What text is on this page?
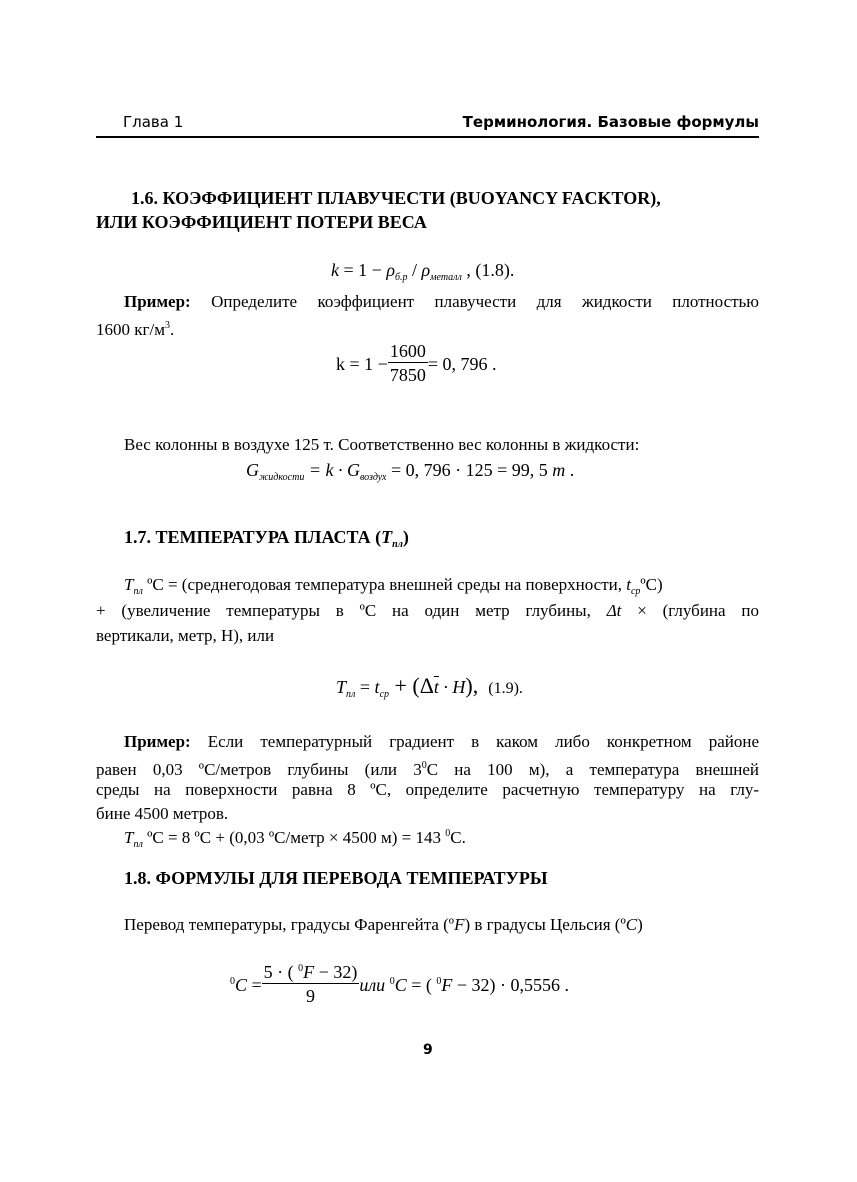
Глава 1	Терминология. Базовые формулы
1.6. КОЭФФИЦИЕНТ ПЛАВУЧЕСТИ (BUOYANCY FACKTOR),
ИЛИ КОЭФФИЦИЕНТ ПОТЕРИ ВЕСА
$k = 1 - \rho_{б.р} / \rho_{металл}$ , (1.8).
Пример: Определите коэффициент плавучести для жидкости плотностью
1600 $кг/м^3$.
$k = 1 - \frac{1600}{7850} = 0$, 796 .
Вес колонны в воздухе 125 т. Соответственно вес колонны в жидкости:
$G_{жидкости} = k \cdot G_{воздух} = 0$, 796 · 125 = 99, 5 m .
1.7. ТЕМПЕРАТУРА ПЛАСТА $(T_{пл})$
$T_{пл}$ ºС = (среднегодовая температура внешней среды на поверхности, $t_{ср}ºС$)
+ (увеличение температуры в ºС на один метр глубины, Δt × (глубина по
вертикали, метр, Н), или
$T_{пл} = t_{ср} + (\Delta\overline{t} \cdot H)$, (1.9).
Пример: Если температурный градиент в каком либо конкретном районе
равен 0,03 ºС/метров глубины (или $3^0С$ на 100 м), а температура внешней
среды на поверхности равна 8 ºС, определите расчетную температуру на глу-
бине 4500 метров.
$T_{пл}$ ºС = 8 ºС + (0,03 ºС/метр × 4500 м) = 143 $^0$С.
1.8. ФОРМУЛЫ ДЛЯ ПЕРЕВОДА ТЕМПЕРАТУРЫ
Перевод температуры, градусы Фаренгейта (ºF) в градусы Цельсия (ºC)
$^0C = \frac{5 \cdot ( ^0F - 32)}{9}$ или $^0$C = ( $^0$F − 32) · 0,5556 .
9
